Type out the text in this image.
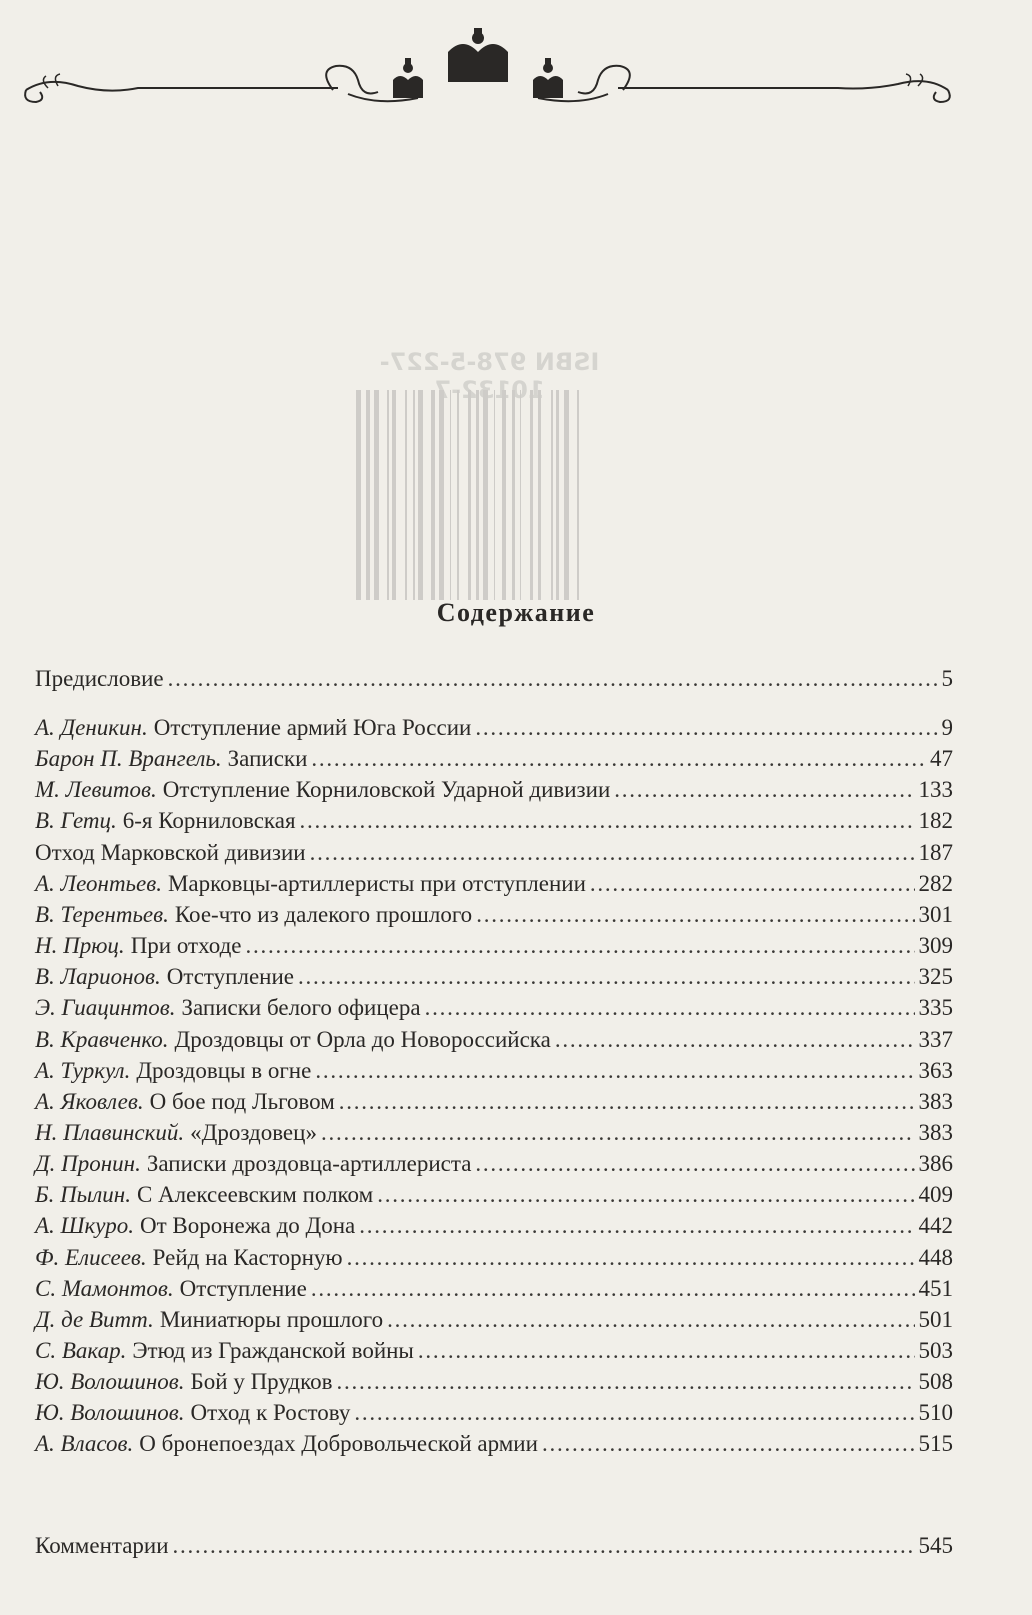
ISBN 978-5-227-10132-7
Содержание
Предисловие . . .	5
А. Деникин. Отступление армий Юга России . . .	9
Барон П. Врангель. Записки . . .	47
М. Левитов. Отступление Корниловской Ударной дивизии . . .	133
В. Гетц. 6-я Корниловская . . .	182
Отход Марковской дивизии . . .	187
А. Леонтьев. Марковцы-артиллеристы при отступлении . . .	282
В. Терентьев. Кое-что из далекого прошлого . . .	301
Н. Прюц. При отходе . . .	309
В. Ларионов. Отступление . . .	325
Э. Гиацинтов. Записки белого офицера . . .	335
В. Кравченко. Дроздовцы от Орла до Новороссийска . . .	337
А. Туркул. Дроздовцы в огне . . .	363
А. Яковлев. О бое под Льговом . . .	383
Н. Плавинский. «Дроздовец» . . .	383
Д. Пронин. Записки дроздовца-артиллериста . . .	386
Б. Пылин. С Алексеевским полком . . .	409
А. Шкуро. От Воронежа до Дона . . .	442
Ф. Елисеев. Рейд на Касторную . . .	448
С. Мамонтов. Отступление . . .	451
Д. де Витт. Миниатюры прошлого . . .	501
С. Вакар. Этюд из Гражданской войны . . .	503
Ю. Волошинов. Бой у Прудков . . .	508
Ю. Волошинов. Отход к Ростову . . .	510
А. Власов. О бронепоездах Добровольческой армии . . .	515
Комментарии . . .	545
